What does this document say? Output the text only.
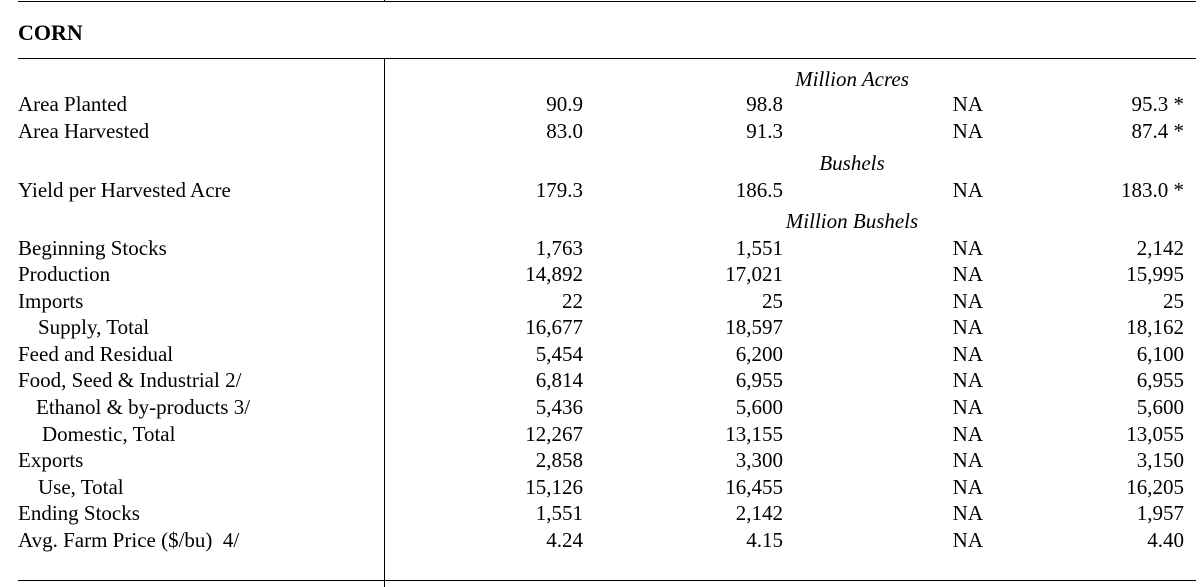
CORN
Million Acres
Area Planted	90.9	98.8	NA	95.3 *
Area Harvested	83.0	91.3	NA	87.4 *
Bushels
Yield per Harvested Acre	179.3	186.5	NA	183.0 *
Million Bushels
Beginning Stocks	1,763	1,551	NA	2,142
Production	14,892	17,021	NA	15,995
Imports	22	25	NA	25
Supply, Total	16,677	18,597	NA	18,162
Feed and Residual	5,454	6,200	NA	6,100
Food, Seed & Industrial 2/	6,814	6,955	NA	6,955
Ethanol & by-products 3/	5,436	5,600	NA	5,600
Domestic, Total	12,267	13,155	NA	13,055
Exports	2,858	3,300	NA	3,150
Use, Total	15,126	16,455	NA	16,205
Ending Stocks	1,551	2,142	NA	1,957
Avg. Farm Price ($/bu)  4/	4.24	4.15	NA	4.40
